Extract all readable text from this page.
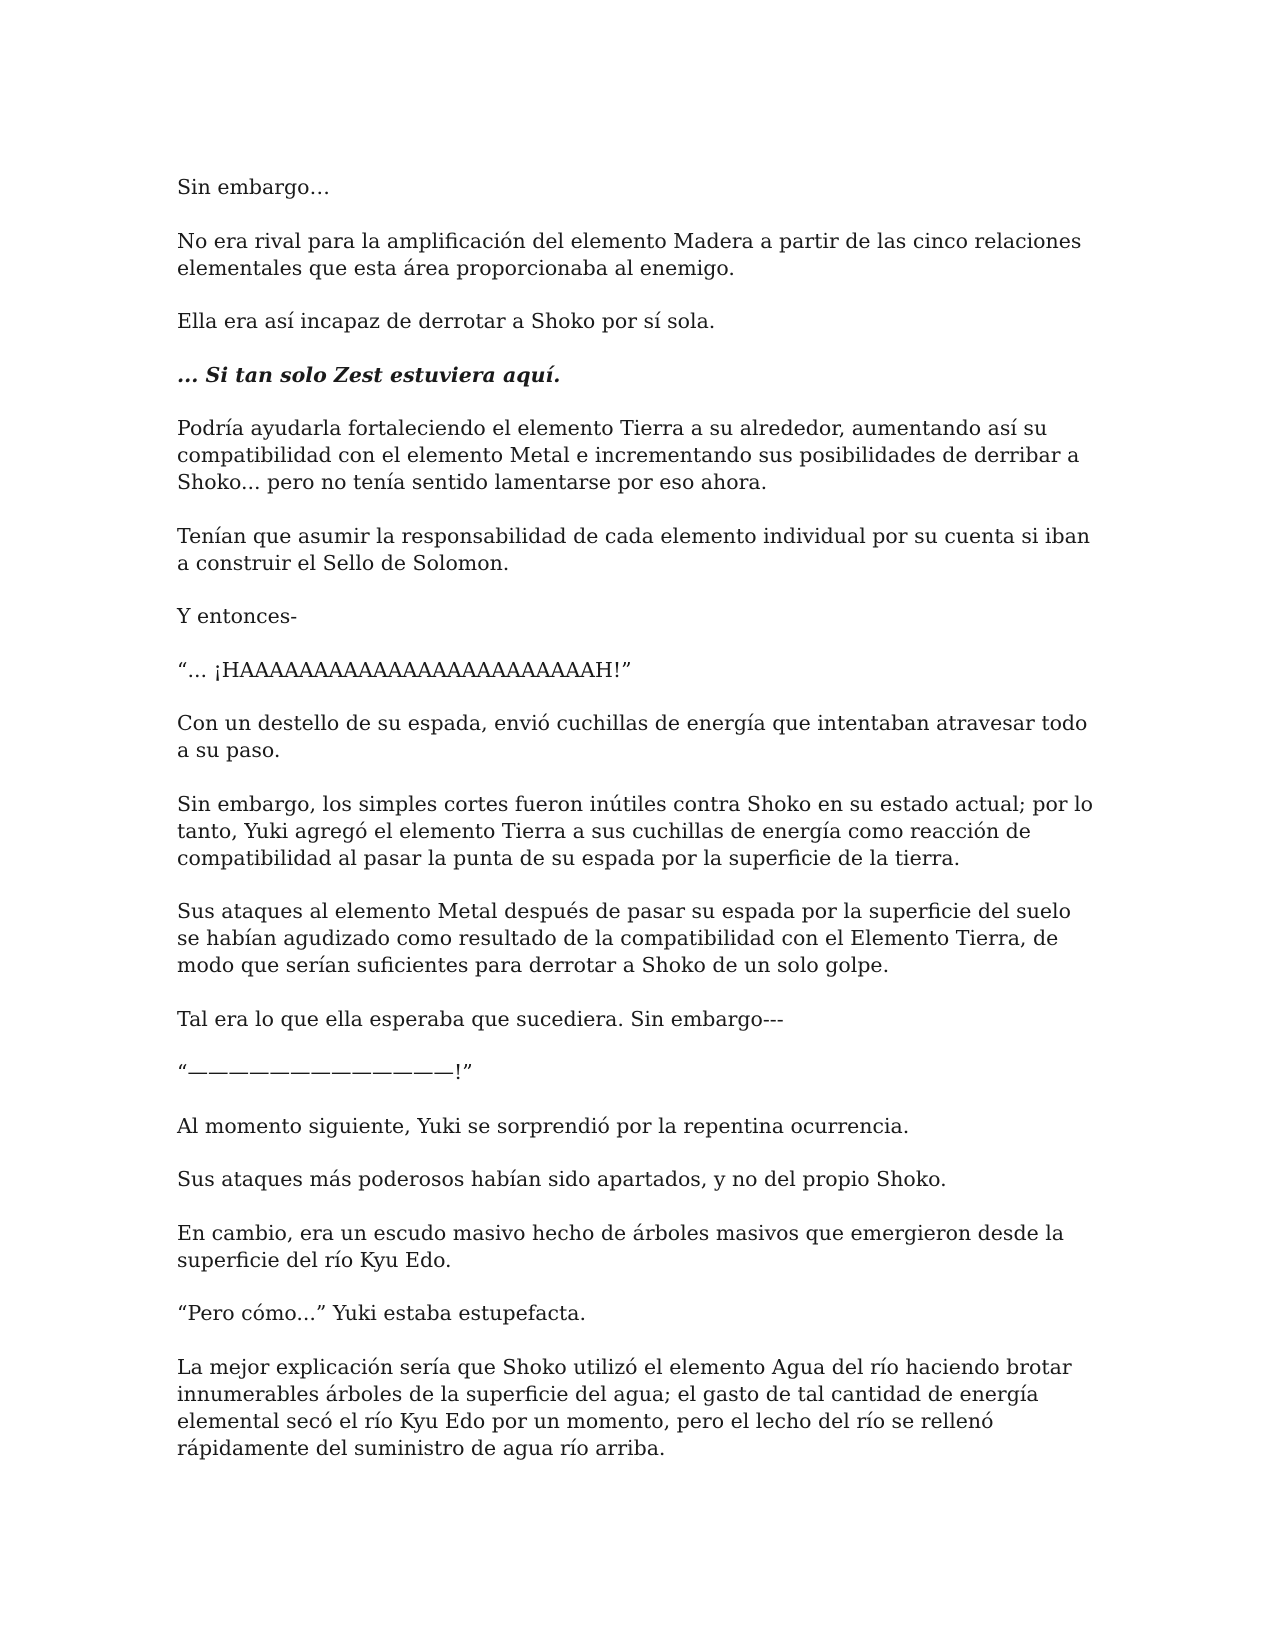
Sin embargo…

No era rival para la amplificación del elemento Madera a partir de las cinco relaciones elementales que esta área proporcionaba al enemigo.

Ella era así incapaz de derrotar a Shoko por sí sola.

... Si tan solo Zest estuviera aquí.

Podría ayudarla fortaleciendo el elemento Tierra a su alrededor, aumentando así su compatibilidad con el elemento Metal e incrementando sus posibilidades de derribar a Shoko... pero no tenía sentido lamentarse por eso ahora.

Tenían que asumir la responsabilidad de cada elemento individual por su cuenta si iban a construir el Sello de Solomon.

Y entonces-

“... ¡HAAAAAAAAAAAAAAAAAAAAAAAAH!”

Con un destello de su espada, envió cuchillas de energía que intentaban atravesar todo a su paso.

Sin embargo, los simples cortes fueron inútiles contra Shoko en su estado actual; por lo tanto, Yuki agregó el elemento Tierra a sus cuchillas de energía como reacción de compatibilidad al pasar la punta de su espada por la superficie de la tierra.

Sus ataques al elemento Metal después de pasar su espada por la superficie del suelo se habían agudizado como resultado de la compatibilidad con el Elemento Tierra, de modo que serían suficientes para derrotar a Shoko de un solo golpe.

Tal era lo que ella esperaba que sucediera. Sin embargo---

“—————————————!”

Al momento siguiente, Yuki se sorprendió por la repentina ocurrencia.

Sus ataques más poderosos habían sido apartados, y no del propio Shoko.

En cambio, era un escudo masivo hecho de árboles masivos que emergieron desde la superficie del río Kyu Edo.

“Pero cómo...” Yuki estaba estupefacta.

La mejor explicación sería que Shoko utilizó el elemento Agua del río haciendo brotar innumerables árboles de la superficie del agua; el gasto de tal cantidad de energía elemental secó el río Kyu Edo por un momento, pero el lecho del río se rellenó rápidamente del suministro de agua río arriba.
